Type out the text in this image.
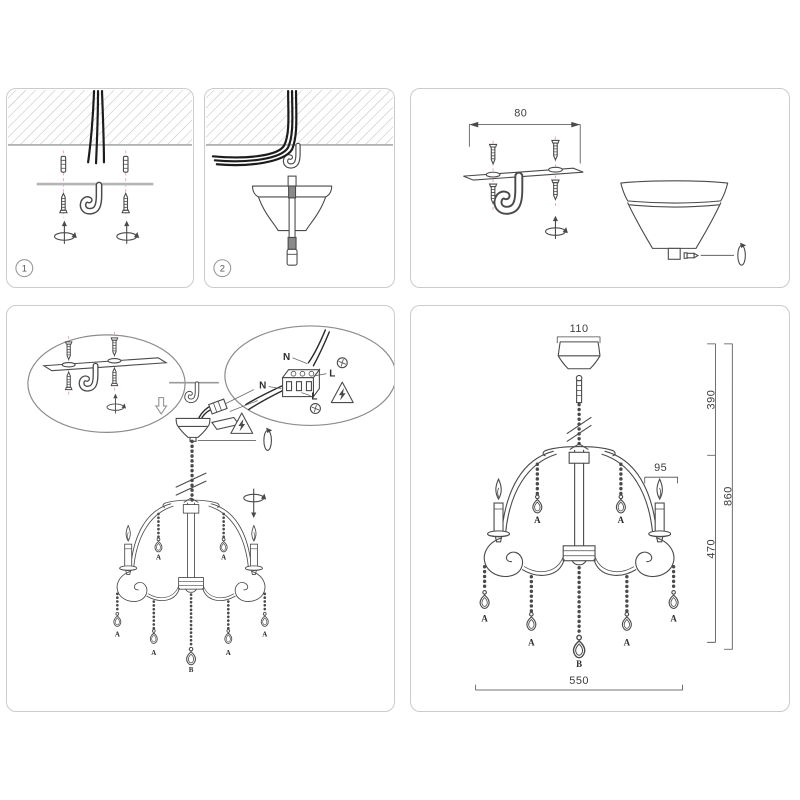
1	2
80
N
L
N
L
110
95
550
390
470
860
